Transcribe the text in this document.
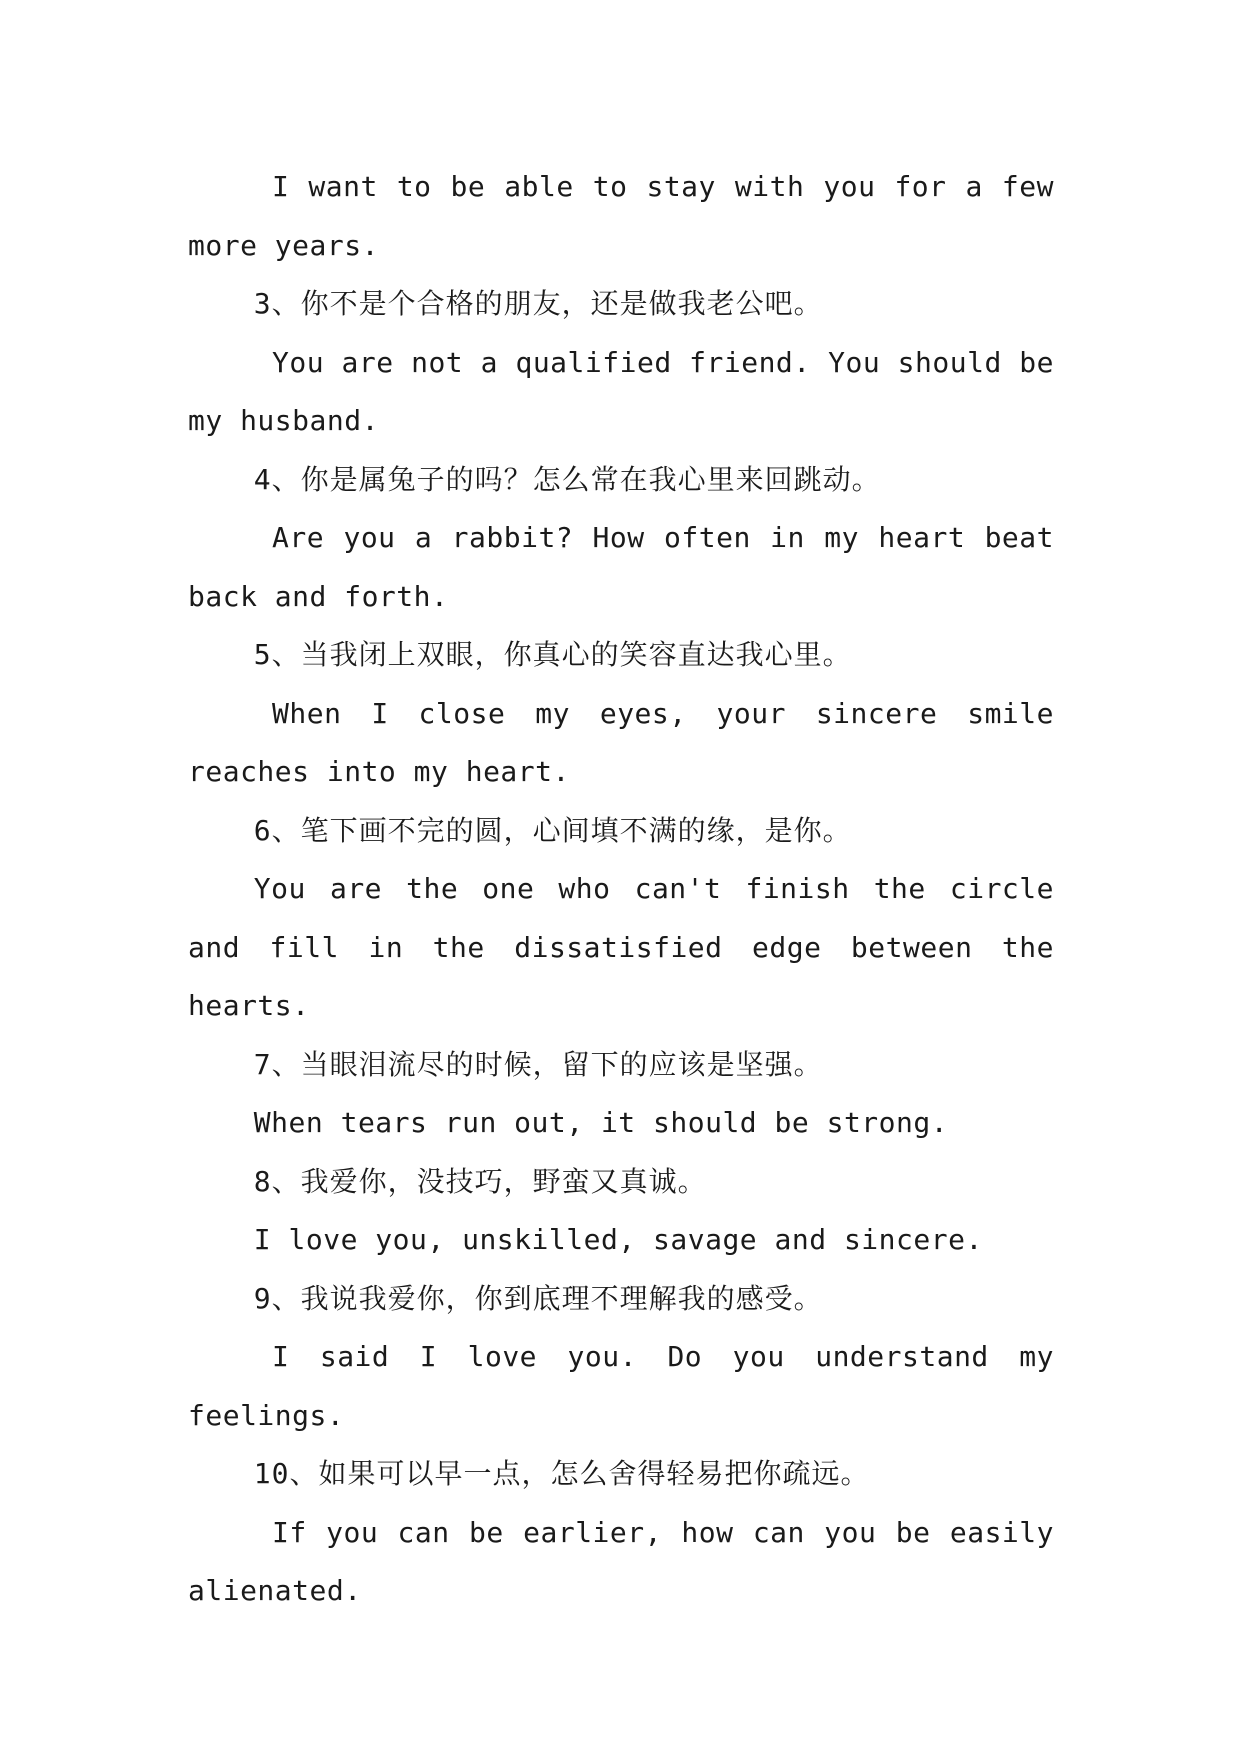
I want to be able to stay with you for a few more years.

3、你不是个合格的朋友，还是做我老公吧。

You are not a qualified friend. You should be my husband.

4、你是属兔子的吗？怎么常在我心里来回跳动。

Are you a rabbit? How often in my heart beat back and forth.

5、当我闭上双眼，你真心的笑容直达我心里。

When I close my eyes, your sincere smile reaches into my heart.

6、笔下画不完的圆，心间填不满的缘，是你。

You are the one who can't finish the circle and fill in the dissatisfied edge between the hearts.

7、当眼泪流尽的时候，留下的应该是坚强。

When tears run out, it should be strong.

8、我爱你，没技巧，野蛮又真诚。

I love you, unskilled, savage and sincere.

9、我说我爱你，你到底理不理解我的感受。

I said I love you. Do you understand my feelings.

10、如果可以早一点，怎么舍得轻易把你疏远。

If you can be earlier, how can you be easily alienated.
